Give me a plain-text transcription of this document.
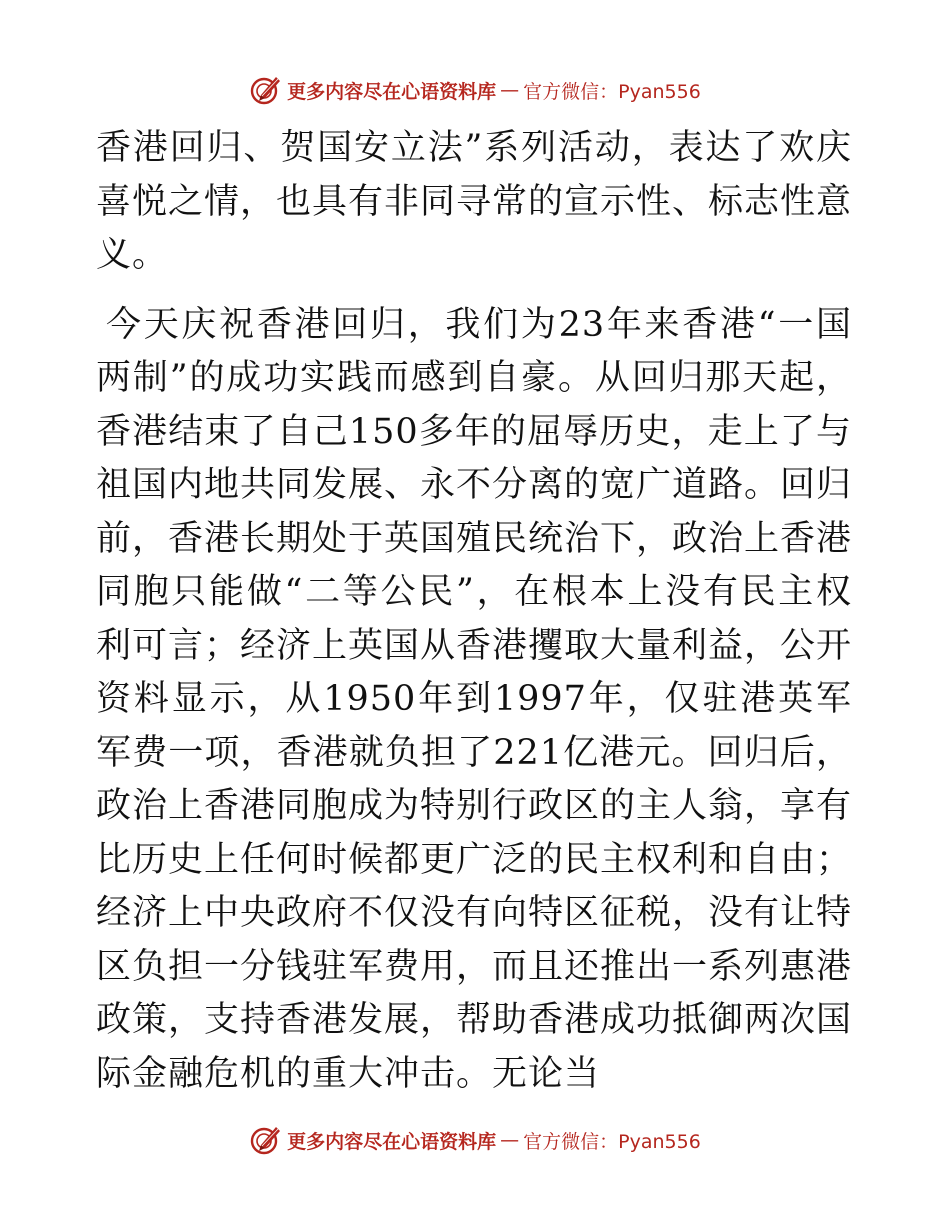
更多内容尽在心语资料库 — 官方微信：Pyan556

香港回归、贺国安立法”系列活动，表达了欢庆喜悦之情，也具有非同寻常的宣示性、标志性意义。

今天庆祝香港回归，我们为23年来香港“一国两制”的成功实践而感到自豪。从回归那天起，香港结束了自己150多年的屈辱历史，走上了与祖国内地共同发展、永不分离的宽广道路。回归前，香港长期处于英国殖民统治下，政治上香港同胞只能做“二等公民”，在根本上没有民主权利可言；经济上英国从香港攫取大量利益，公开资料显示，从1950年到1997年，仅驻港英军军费一项，香港就负担了221亿港元。回归后，政治上香港同胞成为特别行政区的主人翁，享有比历史上任何时候都更广泛的民主权利和自由；经济上中央政府不仅没有向特区征税，没有让特区负担一分钱驻军费用，而且还推出一系列惠港政策，支持香港发展，帮助香港成功抵御两次国际金融危机的重大冲击。无论当

更多内容尽在心语资料库 — 官方微信：Pyan556
